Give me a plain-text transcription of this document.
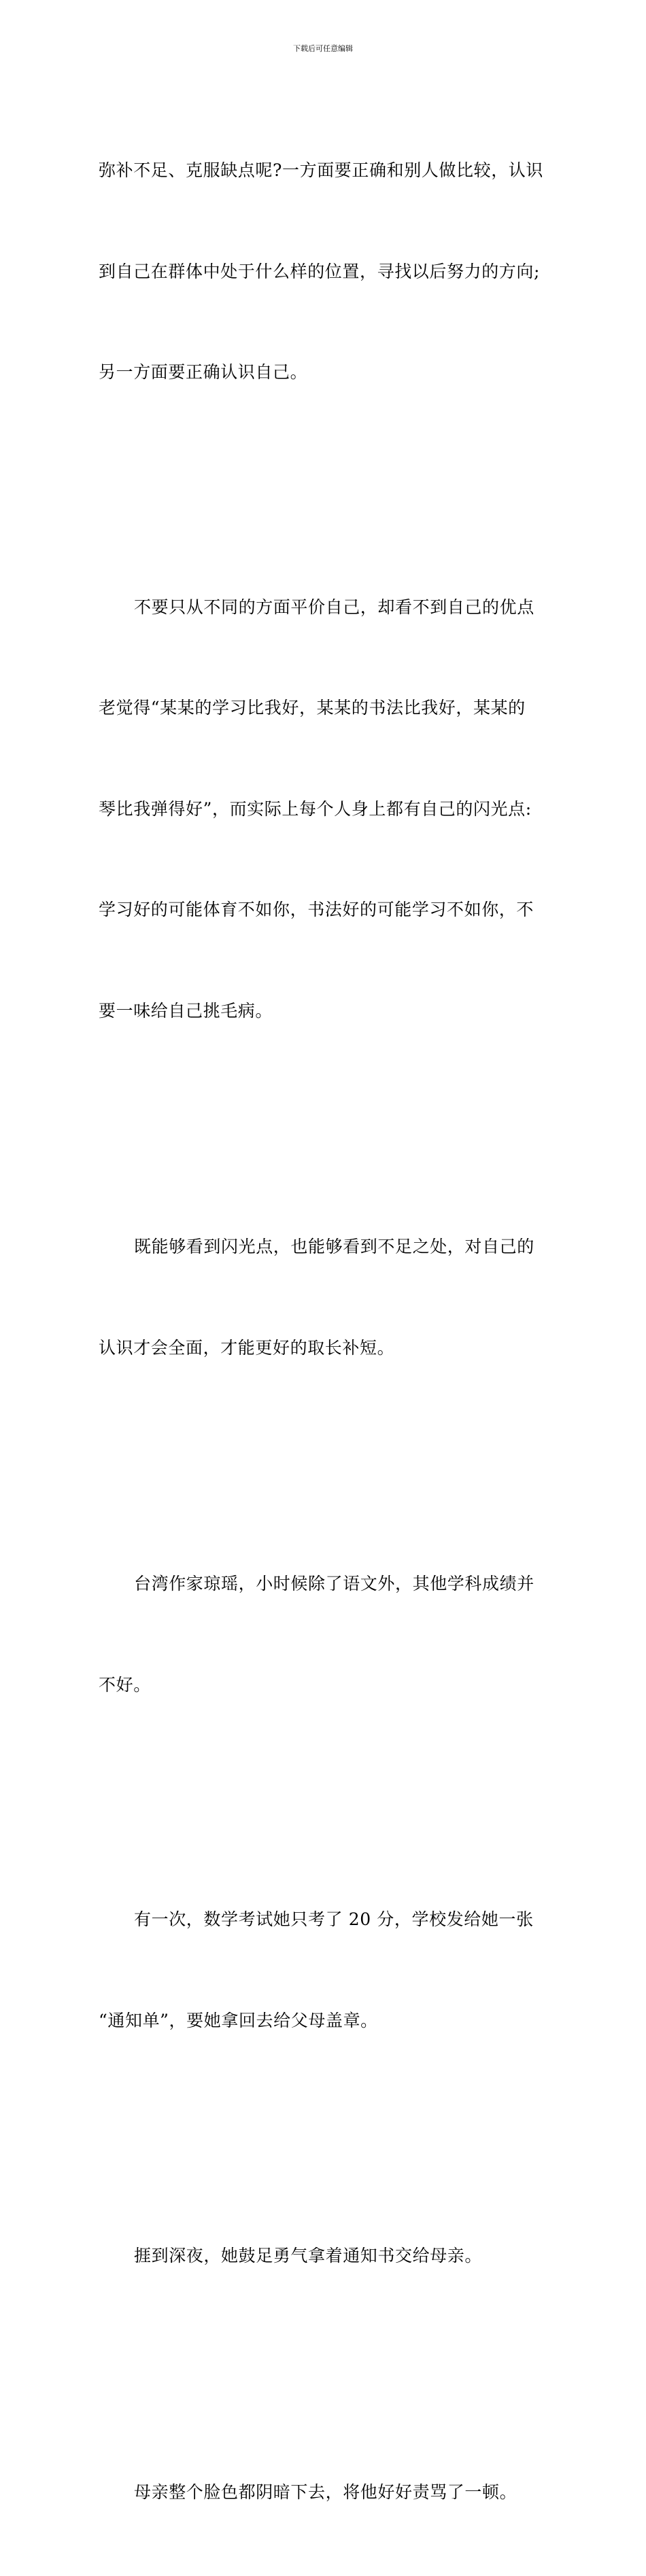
下载后可任意编辑

弥补不足、克服缺点呢?一方面要正确和别人做比较，认识

到自己在群体中处于什么样的位置，寻找以后努力的方向;

另一方面要正确认识自己。

不要只从不同的方面平价自己，却看不到自己的优点

老觉得“某某的学习比我好，某某的书法比我好，某某的

琴比我弹得好”，而实际上每个人身上都有自己的闪光点:

学习好的可能体育不如你，书法好的可能学习不如你，不

要一味给自己挑毛病。

既能够看到闪光点，也能够看到不足之处，对自己的

认识才会全面，才能更好的取长补短。

台湾作家琼瑶，小时候除了语文外，其他学科成绩并

不好。

有一次，数学考试她只考了 20 分，学校发给她一张

“通知单”，要她拿回去给父母盖章。

捱到深夜，她鼓足勇气拿着通知书交给母亲。

母亲整个脸色都阴暗下去，将他好好责骂了一顿。
